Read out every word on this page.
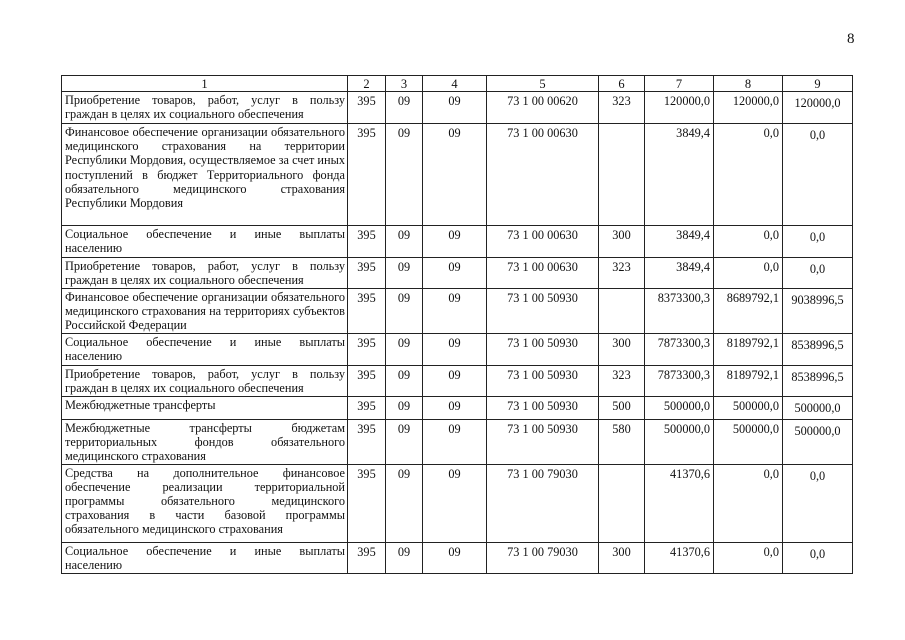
8
1	2	3	4	5	6	7	8	9
Приобретение товаров, работ, услуг в пользу граждан в целях их социального обеспечения	395	09	09	73 1 00 00620	323	120000,0	120000,0	120000,0
Финансовое обеспечение организации обязательного медицинского страхования на территории Республики Мордовия, осуществляемое за счет иных поступлений в бюджет Территориального фонда обязательного медицинского страхования Республики Мордовия	395	09	09	73 1 00 00630		3849,4	0,0	0,0
Социальное обеспечение и иные выплаты населению	395	09	09	73 1 00 00630	300	3849,4	0,0	0,0
Приобретение товаров, работ, услуг в пользу граждан в целях их социального обеспечения	395	09	09	73 1 00 00630	323	3849,4	0,0	0,0
Финансовое обеспечение организации обязательного медицинского страхования на территориях субъектов Российской Федерации	395	09	09	73 1 00 50930		8373300,3	8689792,1	9038996,5
Социальное обеспечение и иные выплаты населению	395	09	09	73 1 00 50930	300	7873300,3	8189792,1	8538996,5
Приобретение товаров, работ, услуг в пользу граждан в целях их социального обеспечения	395	09	09	73 1 00 50930	323	7873300,3	8189792,1	8538996,5
Межбюджетные трансферты	395	09	09	73 1 00 50930	500	500000,0	500000,0	500000,0
Межбюджетные трансферты бюджетам территориальных фондов обязательного медицинского страхования	395	09	09	73 1 00 50930	580	500000,0	500000,0	500000,0
Средства на дополнительное финансовое обеспечение реализации территориальной программы обязательного медицинского страхования в части базовой программы обязательного медицинского страхования	395	09	09	73 1 00 79030		41370,6	0,0	0,0
Социальное обеспечение и иные выплаты населению	395	09	09	73 1 00 79030	300	41370,6	0,0	0,0
